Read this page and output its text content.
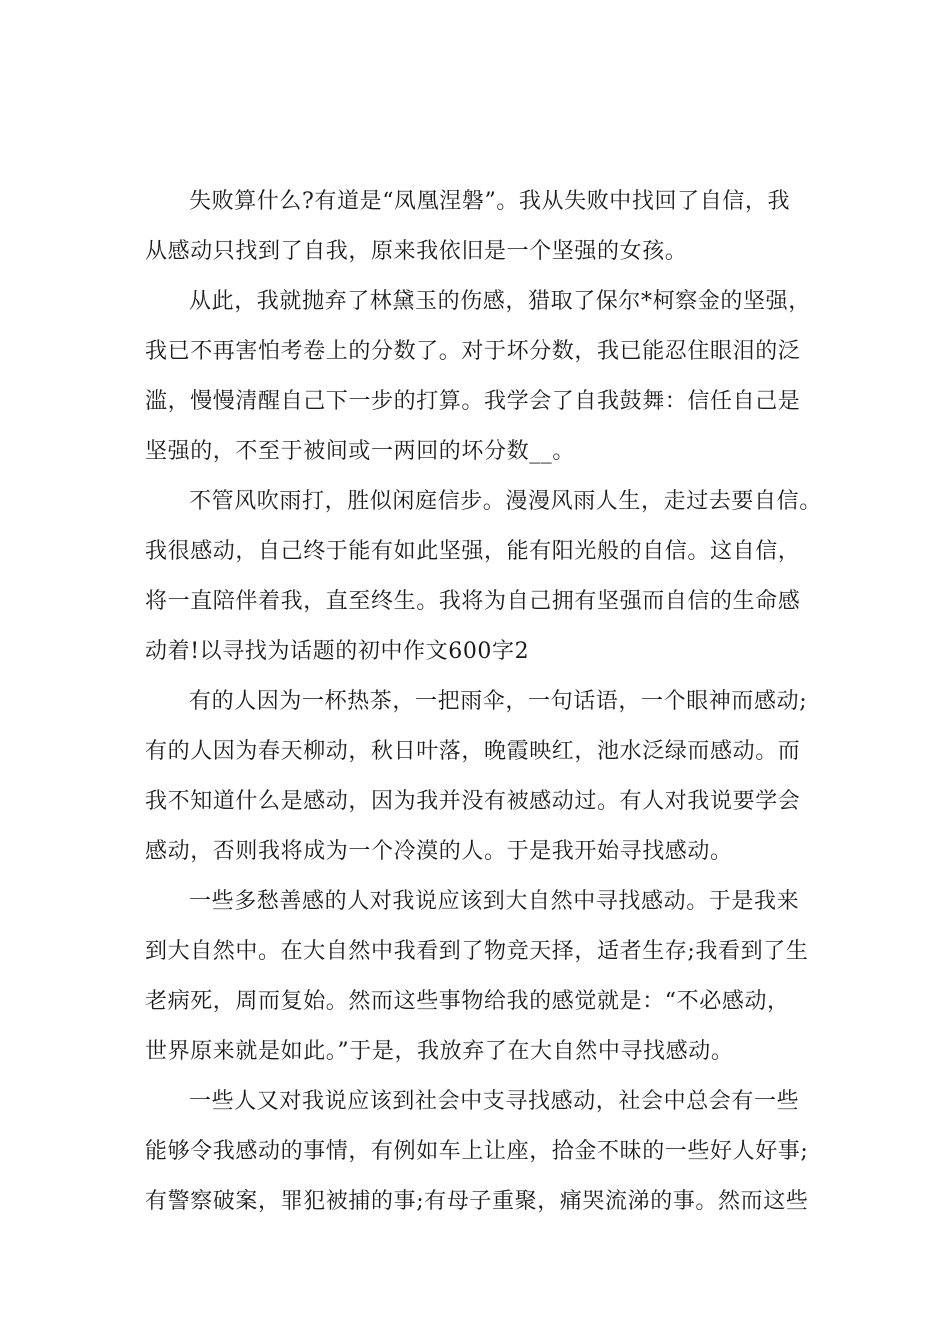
失败算什么?有道是“凤凰涅磐”。我从失败中找回了自信，我
从感动只找到了自我，原来我依旧是一个坚强的女孩。
从此，我就抛弃了林黛玉的伤感，猎取了保尔*柯察金的坚强，
我已不再害怕考卷上的分数了。对于坏分数，我已能忍住眼泪的泛
滥，慢慢清醒自己下一步的打算。我学会了自我鼓舞：信任自己是
坚强的，不至于被间或一两回的坏分数__。
不管风吹雨打，胜似闲庭信步。漫漫风雨人生，走过去要自信。
我很感动，自己终于能有如此坚强，能有阳光般的自信。这自信，
将一直陪伴着我，直至终生。我将为自己拥有坚强而自信的生命感
动着!以寻找为话题的初中作文600字2
有的人因为一杯热茶，一把雨伞，一句话语，一个眼神而感动;
有的人因为春天柳动，秋日叶落，晚霞映红，池水泛绿而感动。而
我不知道什么是感动，因为我并没有被感动过。有人对我说要学会
感动，否则我将成为一个冷漠的人。于是我开始寻找感动。
一些多愁善感的人对我说应该到大自然中寻找感动。于是我来
到大自然中。在大自然中我看到了物竞天择，适者生存;我看到了生
老病死，周而复始。然而这些事物给我的感觉就是：“不必感动，
世界原来就是如此。”于是，我放弃了在大自然中寻找感动。
一些人又对我说应该到社会中支寻找感动，社会中总会有一些
能够令我感动的事情，有例如车上让座，拾金不昧的一些好人好事;
有警察破案，罪犯被捕的事;有母子重聚，痛哭流涕的事。然而这些
